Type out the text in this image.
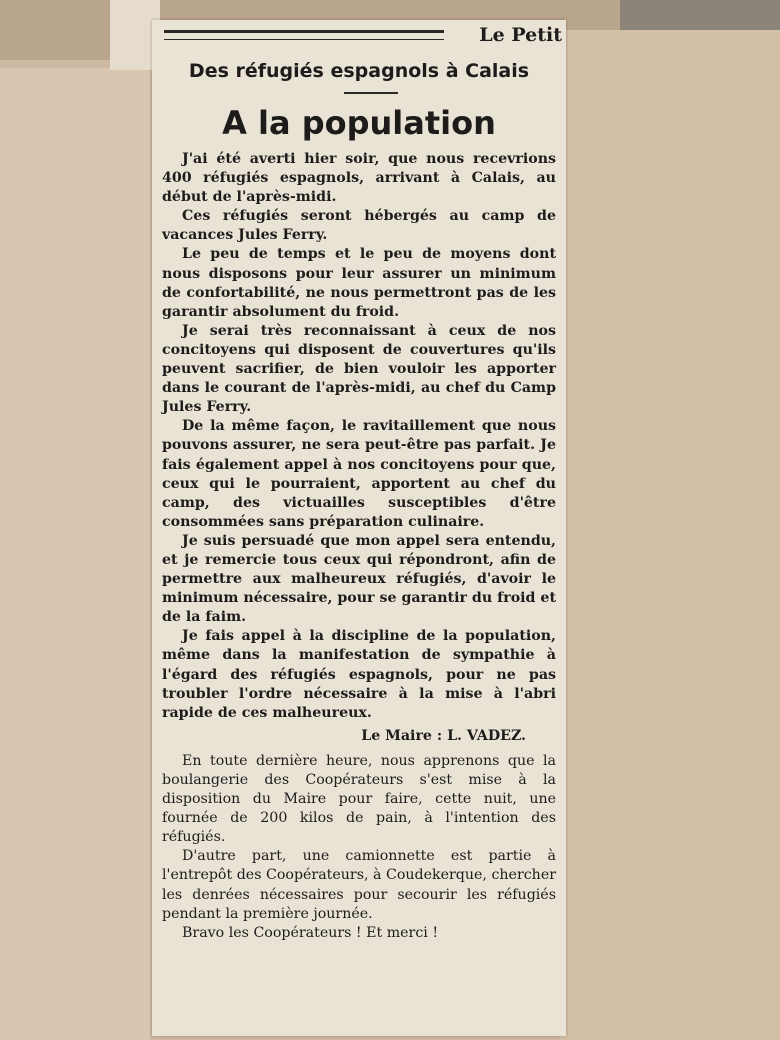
Le Petit
Des réfugiés espagnols à Calais
A la population

J'ai été averti hier soir, que nous recevrions 400 réfugiés espagnols, arrivant à Calais, au début de l'après-midi.

Ces réfugiés seront hébergés au camp de vacances Jules Ferry.

Le peu de temps et le peu de moyens dont nous disposons pour leur assurer un minimum de confortabilité, ne nous permettront pas de les garantir absolument du froid.

Je serai très reconnaissant à ceux de nos concitoyens qui disposent de couvertures qu'ils peuvent sacrifier, de bien vouloir les apporter dans le courant de l'après-midi, au chef du Camp Jules Ferry.

De la même façon, le ravitaillement que nous pouvons assurer, ne sera peut-être pas parfait. Je fais également appel à nos concitoyens pour que, ceux qui le pourraient, apportent au chef du camp, des victuailles susceptibles d'être consommées sans préparation culinaire.

Je suis persuadé que mon appel sera entendu, et je remercie tous ceux qui répondront, afin de permettre aux malheureux réfugiés, d'avoir le minimum nécessaire, pour se garantir du froid et de la faim.

Je fais appel à la discipline de la population, même dans la manifestation de sympathie à l'égard des réfugiés espagnols, pour ne pas troubler l'ordre nécessaire à la mise à l'abri rapide de ces malheureux.

Le Maire : L. VADEZ.

En toute dernière heure, nous apprenons que la boulangerie des Coopérateurs s'est mise à la disposition du Maire pour faire, cette nuit, une fournée de 200 kilos de pain, à l'intention des réfugiés.

D'autre part, une camionnette est partie à l'entrepôt des Coopérateurs, à Coudekerque, chercher les denrées nécessaires pour secourir les réfugiés pendant la première journée.

Bravo les Coopérateurs ! Et merci !
